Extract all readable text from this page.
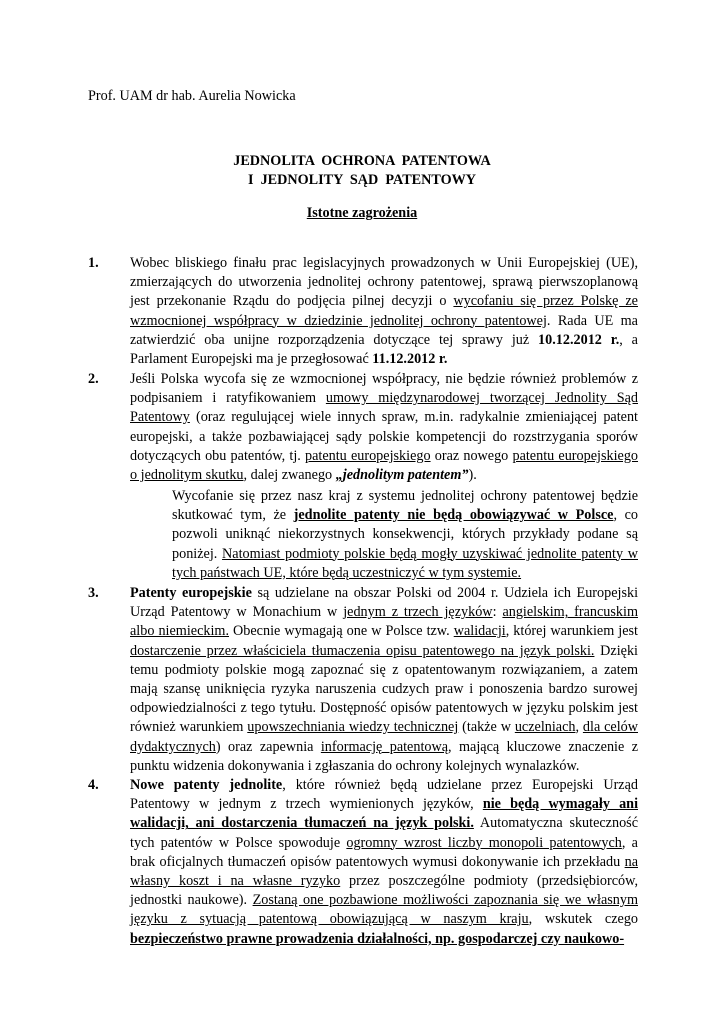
Prof. UAM dr hab. Aurelia Nowicka
JEDNOLITA  OCHRONA  PATENTOWA
I  JEDNOLITY  SĄD  PATENTOWY
Istotne zagrożenia
1. Wobec bliskiego finału prac legislacyjnych prowadzonych w Unii Europejskiej (UE), zmierzających do utworzenia jednolitej ochrony patentowej, sprawą pierwszoplanową jest przekonanie Rządu do podjęcia pilnej decyzji o wycofaniu się przez Polskę ze wzmocnionej współpracy w dziedzinie jednolitej ochrony patentowej. Rada UE ma zatwierdzić oba unijne rozporządzenia dotyczące tej sprawy już 10.12.2012 r., a Parlament Europejski ma je przegłosować 11.12.2012 r.
2. Jeśli Polska wycofa się ze wzmocnionej współpracy, nie będzie również problemów z podpisaniem i ratyfikowaniem umowy międzynarodowej tworzącej Jednolity Sąd Patentowy (oraz regulującej wiele innych spraw, m.in. radykalnie zmieniającej patent europejski, a także pozbawiającej sądy polskie kompetencji do rozstrzygania sporów dotyczących obu patentów, tj. patentu europejskiego oraz nowego patentu europejskiego o jednolitym skutku, dalej zwanego „jednolitym patentem”).
Wycofanie się przez nasz kraj z systemu jednolitej ochrony patentowej będzie skutkować tym, że jednolite patenty nie będą obowiązywać w Polsce, co pozwoli uniknąć niekorzystnych konsekwencji, których przykłady podane są poniżej. Natomiast podmioty polskie będą mogły uzyskiwać jednolite patenty w tych państwach UE, które będą uczestniczyć w tym systemie.
3. Patenty europejskie są udzielane na obszar Polski od 2004 r. Udziela ich Europejski Urząd Patentowy w Monachium w jednym z trzech języków: angielskim, francuskim albo niemieckim. Obecnie wymagają one w Polsce tzw. walidacji, której warunkiem jest dostarczenie przez właściciela tłumaczenia opisu patentowego na język polski. Dzięki temu podmioty polskie mogą zapoznać się z opatentowanym rozwiązaniem, a zatem mają szansę uniknięcia ryzyka naruszenia cudzych praw i ponoszenia bardzo surowej odpowiedzialności z tego tytułu. Dostępność opisów patentowych w języku polskim jest również warunkiem upowszechniania wiedzy technicznej (także w uczelniach, dla celów dydaktycznych) oraz zapewnia informację patentową, mającą kluczowe znaczenie z punktu widzenia dokonywania i zgłaszania do ochrony kolejnych wynalazków.
4. Nowe patenty jednolite, które również będą udzielane przez Europejski Urząd Patentowy w jednym z trzech wymienionych języków, nie będą wymagały ani walidacji, ani dostarczenia tłumaczeń na język polski. Automatyczna skuteczność tych patentów w Polsce spowoduje ogromny wzrost liczby monopoli patentowych, a brak oficjalnych tłumaczeń opisów patentowych wymusi dokonywanie ich przekładu na własny koszt i na własne ryzyko przez poszczególne podmioty (przedsiębiorców, jednostki naukowe). Zostaną one pozbawione możliwości zapoznania się we własnym języku z sytuacją patentową obowiązującą w naszym kraju, wskutek czego bezpieczeństwo prawne prowadzenia działalności, np. gospodarczej czy naukowo-
